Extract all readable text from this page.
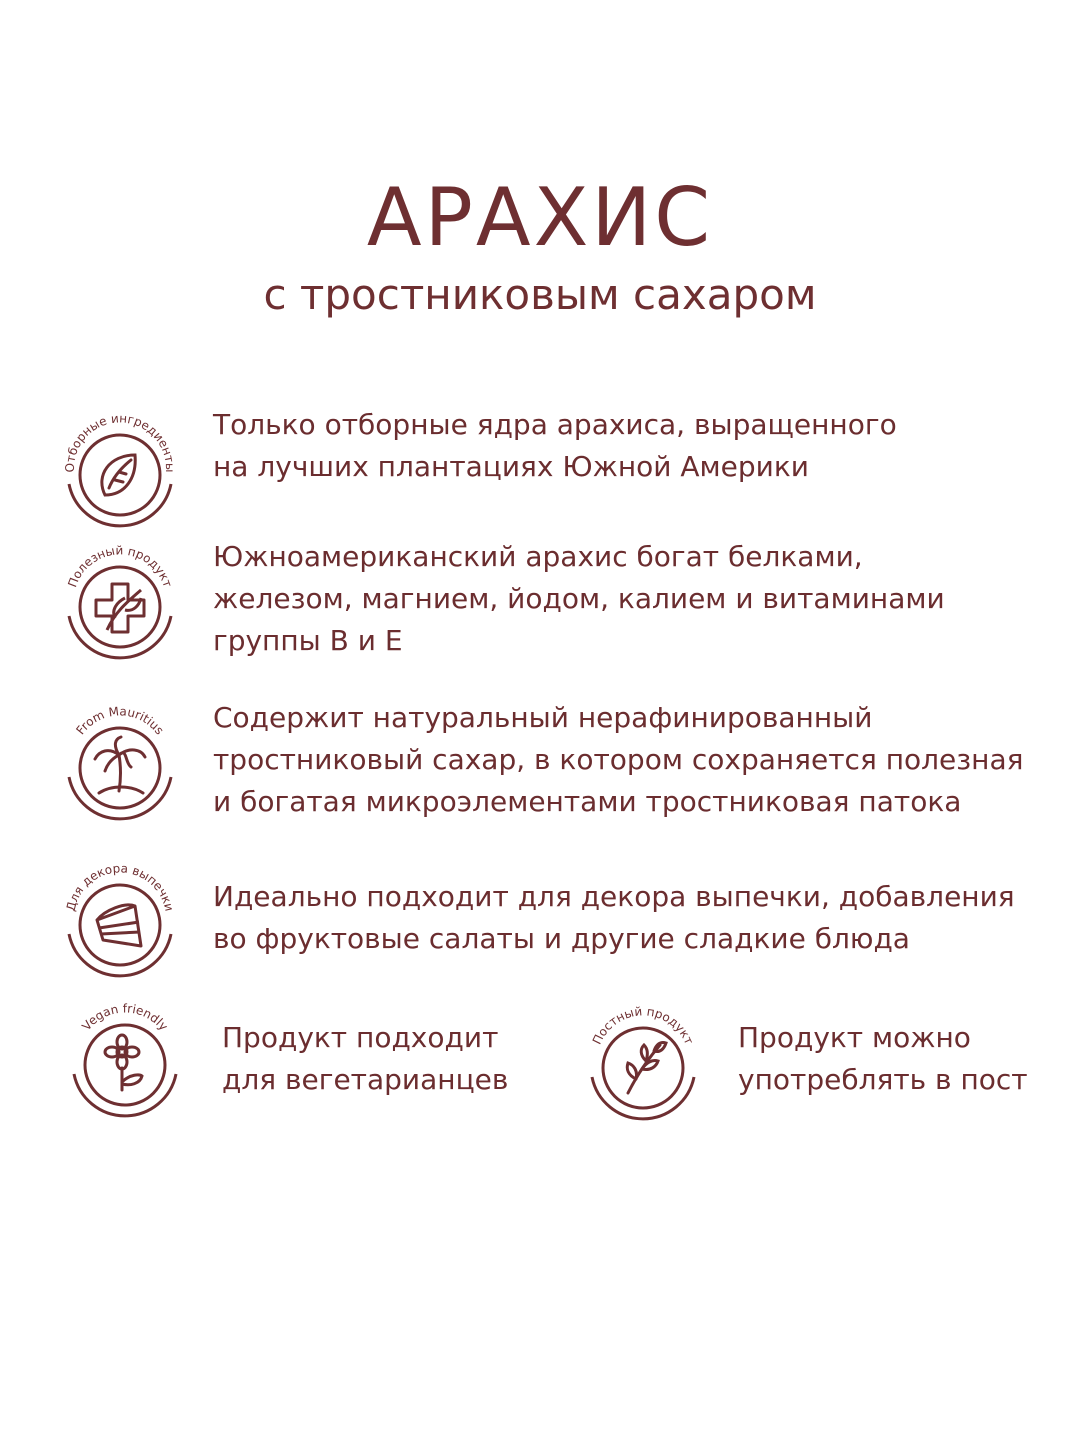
АРАХИС
с тростниковым сахаром
Отборные ингредиенты
Только отборные ядра арахиса, выращенного
на лучших плантациях Южной Америки
Полезный продукт
Южноамериканский арахис богат белками,
железом, магнием, йодом, калием и витаминами
группы В и Е
From Mauritius Содержит натуральный нерафинированный
тростниковый сахар, в котором сохраняется полезная
и богатая микроэлементами тростниковая патока
Для декора выпечки Идеально подходит для декора выпечки, добавления
во фруктовые салаты и другие сладкие блюда
Vegan friendly Продукт подходит
для вегетарианцев
Постный продукт Продукт можно
употреблять в пост
